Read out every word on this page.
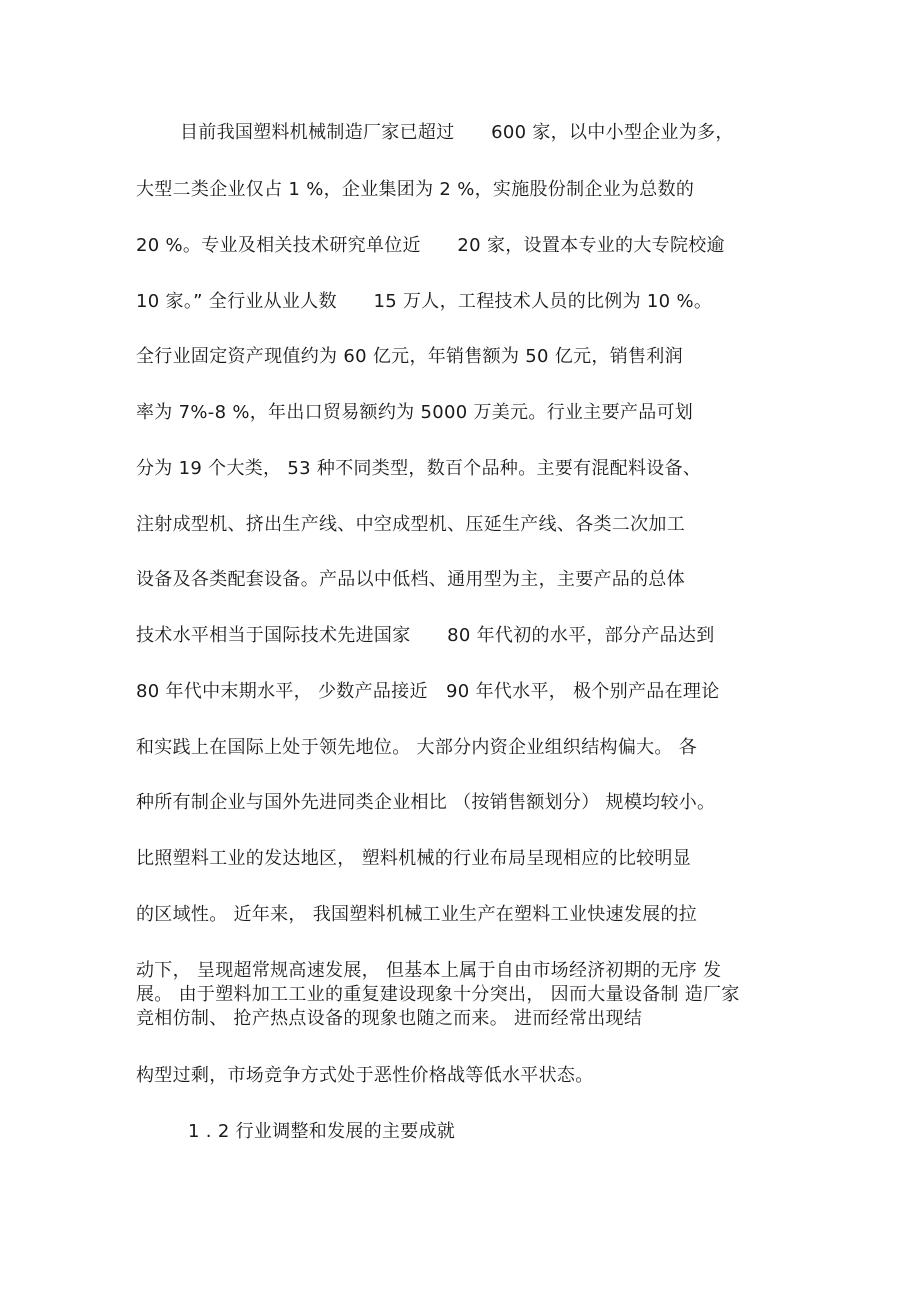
目前我国塑料机械制造厂家已超过　　600 家，以中小型企业为多，
大型二类企业仅占 1 %，企业集团为 2 %，实施股份制企业为总数的
20 %。专业及相关技术研究单位近　　20 家，设置本专业的大专院校逾
10 家。” 全行业从业人数　　15 万人，工程技术人员的比例为 10 %。
全行业固定资产现值约为 60 亿元，年销售额为 50 亿元，销售利润
率为 7%-8 %，年出口贸易额约为 5000 万美元。行业主要产品可划
分为 19 个大类， 53 种不同类型，数百个品种。主要有混配料设备、
注射成型机、挤出生产线、中空成型机、压延生产线、各类二次加工
设备及各类配套设备。产品以中低档、通用型为主，主要产品的总体
技术水平相当于国际技术先进国家　　80 年代初的水平，部分产品达到
80 年代中末期水平， 少数产品接近　90 年代水平， 极个别产品在理论
和实践上在国际上处于领先地位。 大部分内资企业组织结构偏大。 各
种所有制企业与国外先进同类企业相比 （按销售额划分） 规模均较小。
比照塑料工业的发达地区， 塑料机械的行业布局呈现相应的比较明显
的区域性。 近年来， 我国塑料机械工业生产在塑料工业快速发展的拉
动下， 呈现超常规高速发展， 但基本上属于自由市场经济初期的无序 发
展。 由于塑料加工工业的重复建设现象十分突出， 因而大量设备制 造厂家
竞相仿制、 抢产热点设备的现象也随之而来。 进而经常出现结
构型过剩，市场竞争方式处于恶性价格战等低水平状态。
1 . 2 行业调整和发展的主要成就
